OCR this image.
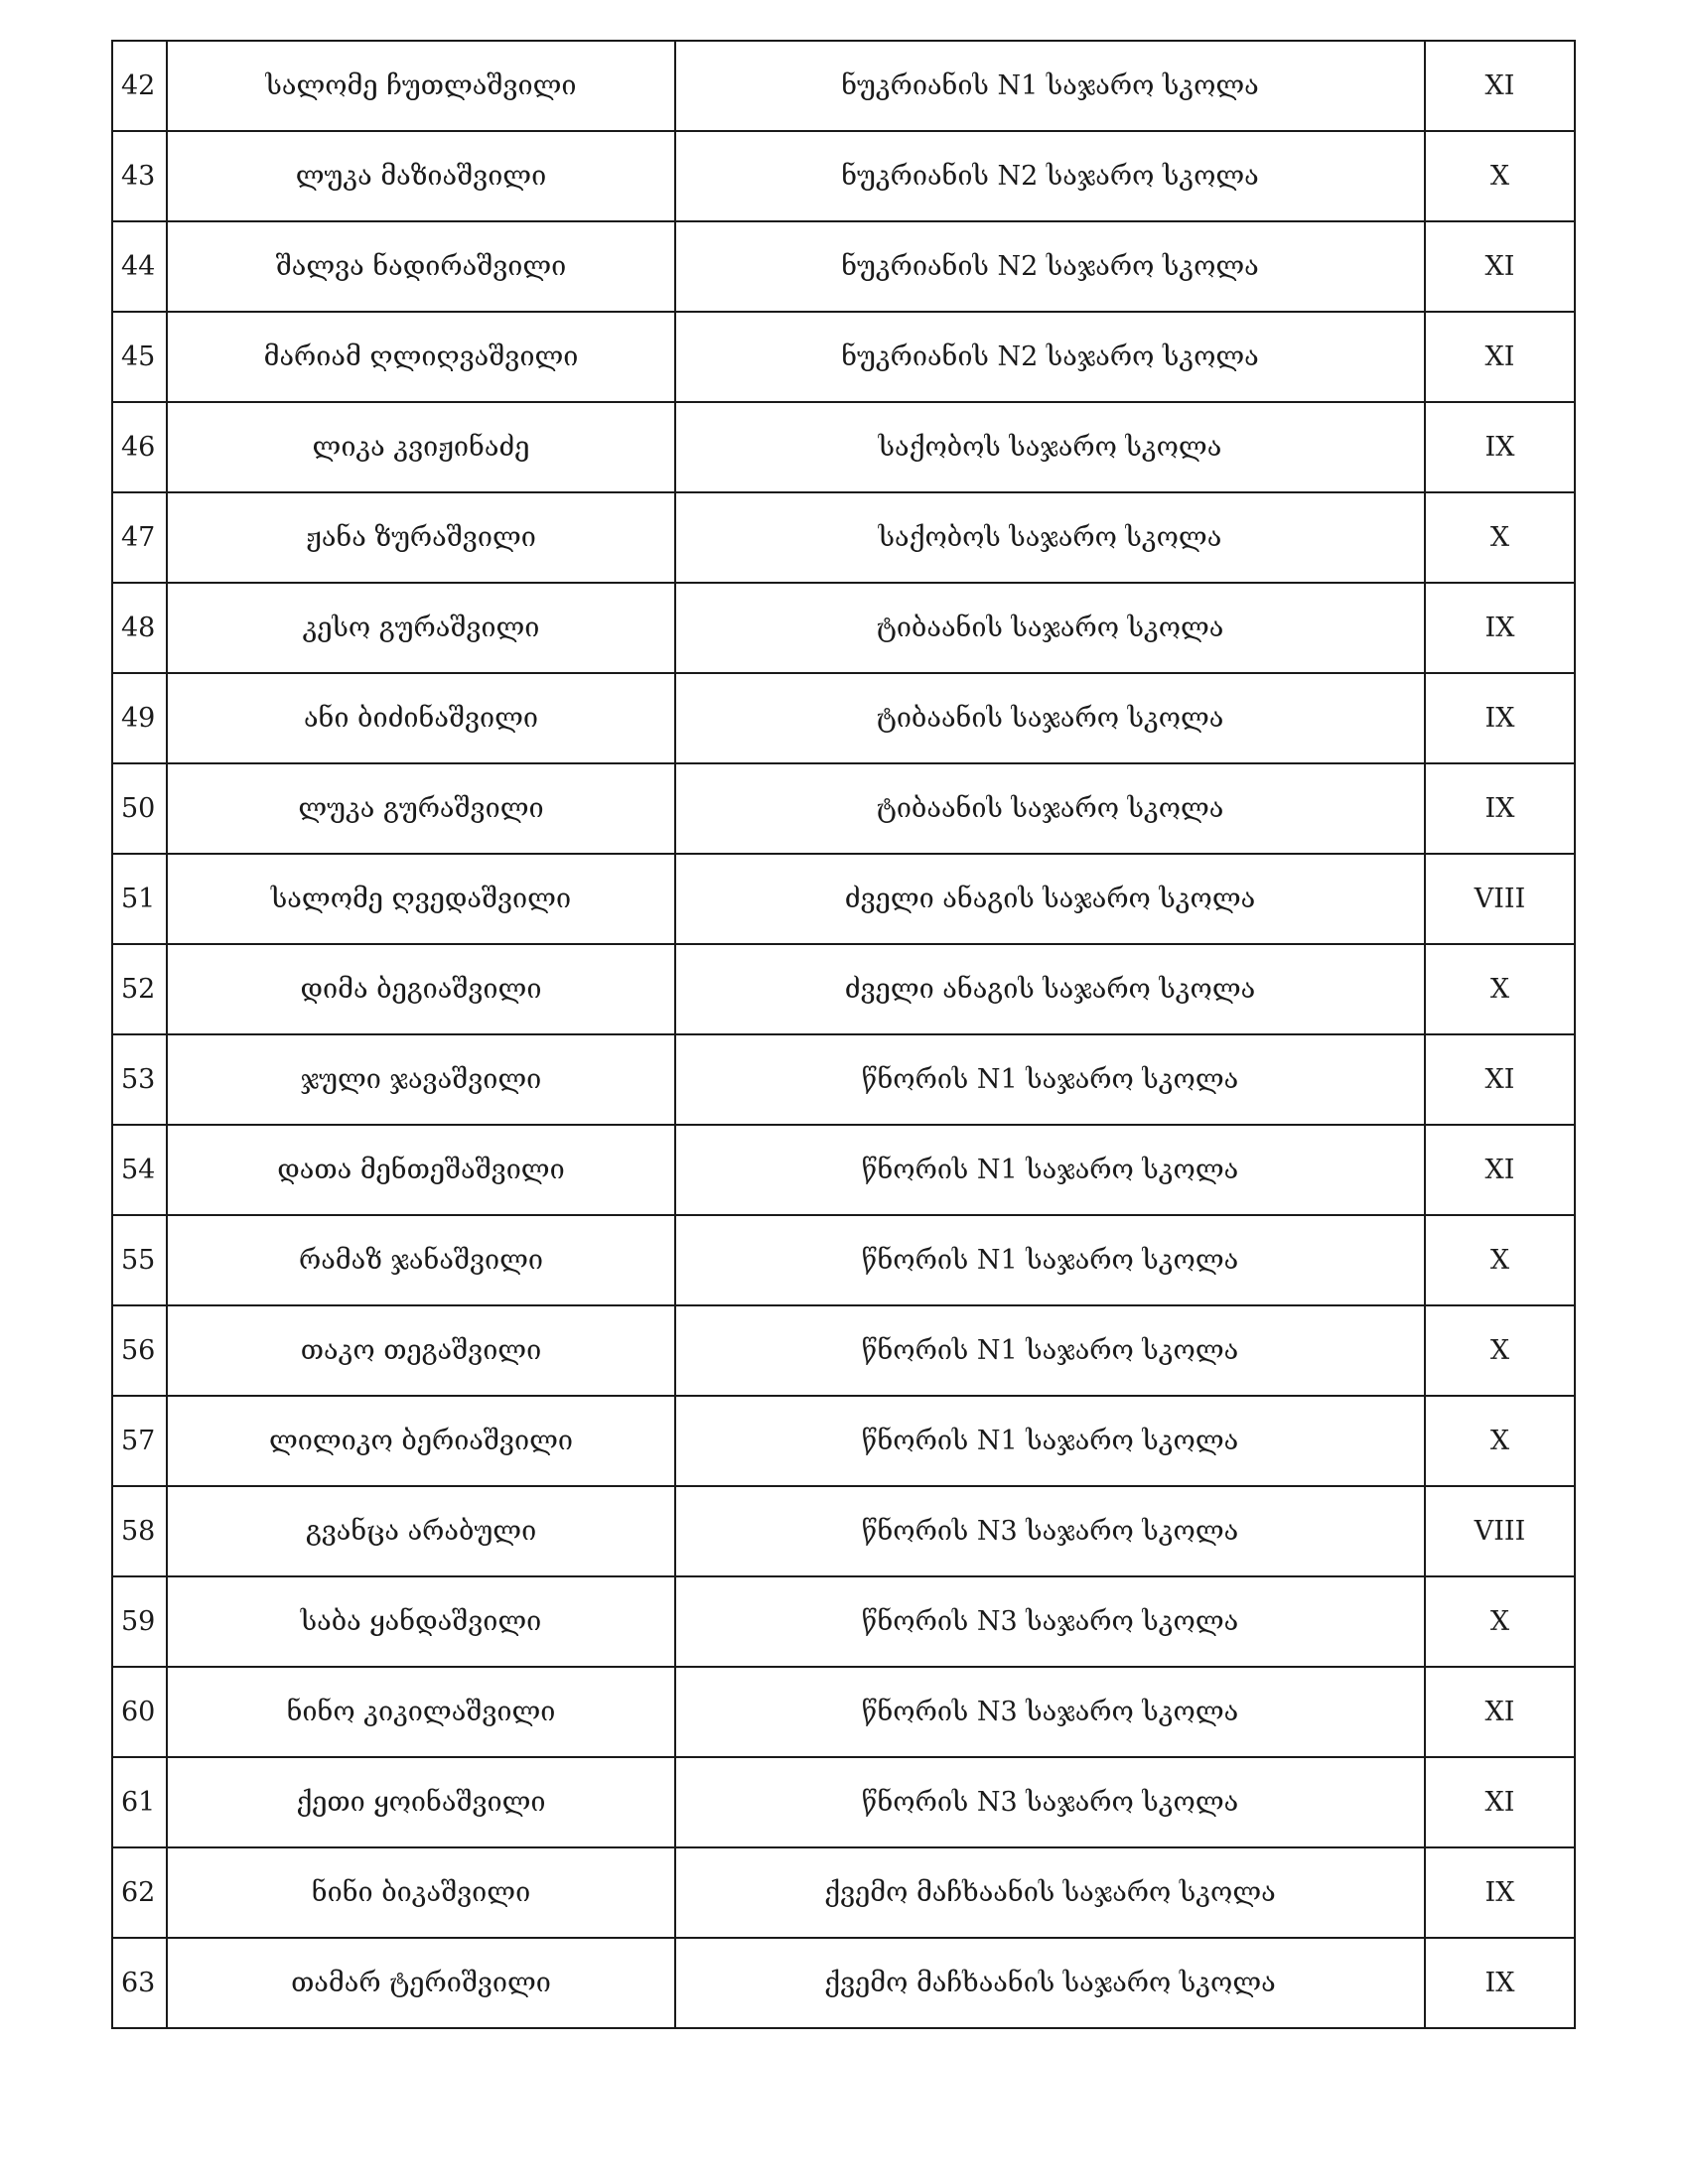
42	სალომე ჩუთლაშვილი	ნუკრიანის N1 საჯარო სკოლა	XI
43	ლუკა მაზიაშვილი	ნუკრიანის N2 საჯარო სკოლა	X
44	შალვა ნადირაშვილი	ნუკრიანის N2 საჯარო სკოლა	XI
45	მარიამ ღლიღვაშვილი	ნუკრიანის N2 საჯარო სკოლა	XI
46	ლიკა კვიჟინაძე	საქობოს საჯარო სკოლა	IX
47	ჟანა ზურაშვილი	საქობოს საჯარო სკოლა	X
48	კესო გურაშვილი	ტიბაანის საჯარო სკოლა	IX
49	ანი ბიძინაშვილი	ტიბაანის საჯარო სკოლა	IX
50	ლუკა გურაშვილი	ტიბაანის საჯარო სკოლა	IX
51	სალომე ღვედაშვილი	ძველი ანაგის საჯარო სკოლა	VIII
52	დიმა ბეგიაშვილი	ძველი ანაგის საჯარო სკოლა	X
53	ჯული ჯავაშვილი	წნორის N1 საჯარო სკოლა	XI
54	დათა მენთეშაშვილი	წნორის N1 საჯარო სკოლა	XI
55	რამაზ ჯანაშვილი	წნორის N1 საჯარო სკოლა	X
56	თაკო თეგაშვილი	წნორის N1 საჯარო სკოლა	X
57	ლილიკო ბერიაშვილი	წნორის N1 საჯარო სკოლა	X
58	გვანცა არაბული	წნორის N3 საჯარო სკოლა	VIII
59	საბა ყანდაშვილი	წნორის N3 საჯარო სკოლა	X
60	ნინო კიკილაშვილი	წნორის N3 საჯარო სკოლა	XI
61	ქეთი ყოინაშვილი	წნორის N3 საჯარო სკოლა	XI
62	ნინი ბიკაშვილი	ქვემო მაჩხაანის საჯარო სკოლა	IX
63	თამარ ტერიშვილი	ქვემო მაჩხაანის საჯარო სკოლა	IX
